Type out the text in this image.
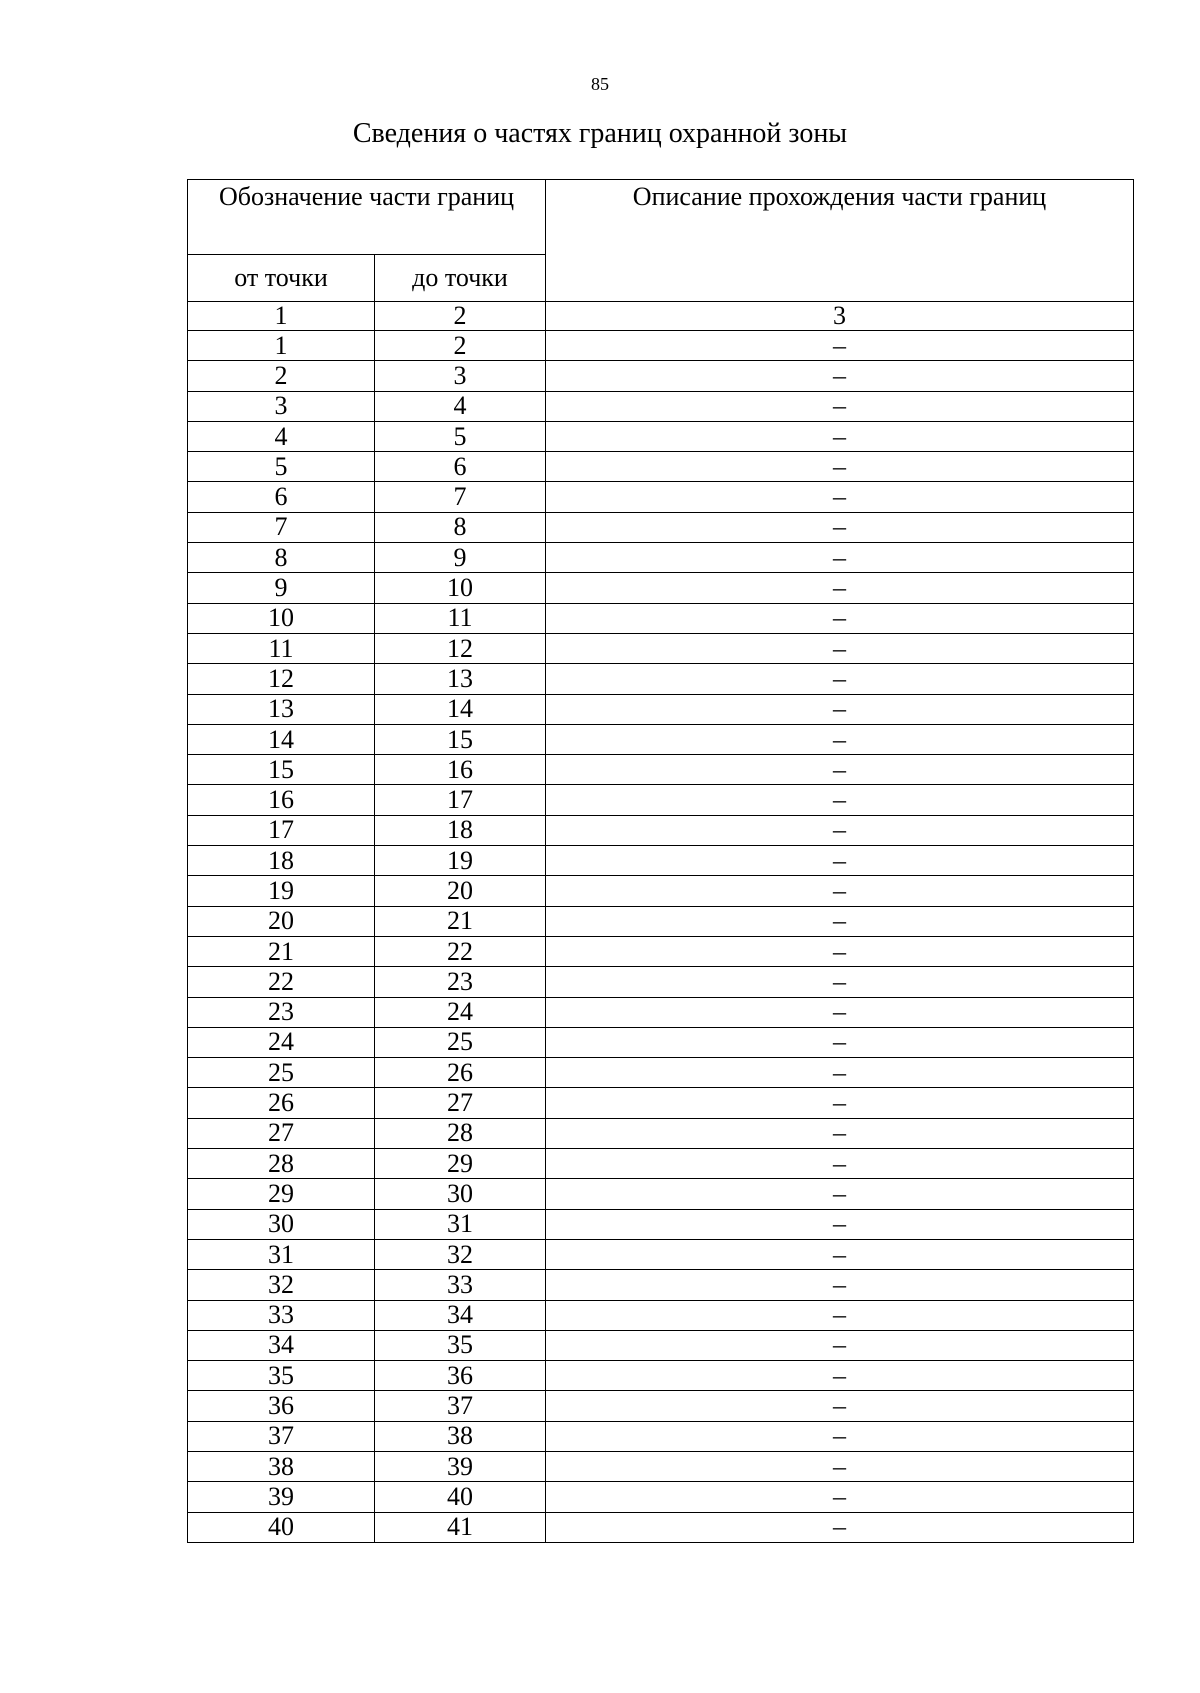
85
Сведения о частях границ охранной зоны
Обозначение части границ		Описание прохождения части границ
от точки	до точки	
1	2	3
1	2	–
2	3	–
3	4	–
4	5	–
5	6	–
6	7	–
7	8	–
8	9	–
9	10	–
10	11	–
11	12	–
12	13	–
13	14	–
14	15	–
15	16	–
16	17	–
17	18	–
18	19	–
19	20	–
20	21	–
21	22	–
22	23	–
23	24	–
24	25	–
25	26	–
26	27	–
27	28	–
28	29	–
29	30	–
30	31	–
31	32	–
32	33	–
33	34	–
34	35	–
35	36	–
36	37	–
37	38	–
38	39	–
39	40	–
40	41	–
